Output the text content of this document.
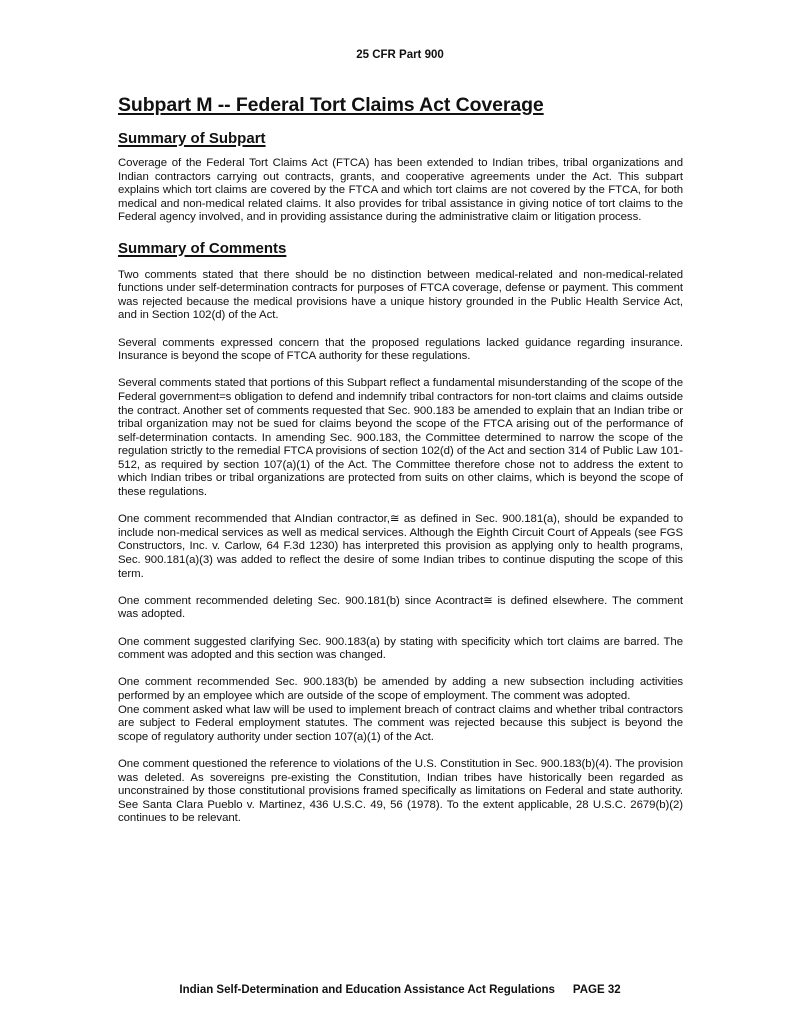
25 CFR Part 900
Subpart M -- Federal Tort Claims Act Coverage
Summary of Subpart

Coverage of the Federal Tort Claims Act (FTCA) has been extended to Indian tribes, tribal organizations and Indian contractors carrying out contracts, grants, and cooperative agreements under the Act. This subpart explains which tort claims are covered by the FTCA and which tort claims are not covered by the FTCA, for both medical and non-medical related claims. It also provides for tribal assistance in giving notice of tort claims to the Federal agency involved, and in providing assistance during the administrative claim or litigation process.

Summary of Comments

Two comments stated that there should be no distinction between medical-related and non-medical-related functions under self-determination contracts for purposes of FTCA coverage, defense or payment. This comment was rejected because the medical provisions have a unique history grounded in the Public Health Service Act, and in Section 102(d) of the Act.

Several comments expressed concern that the proposed regulations lacked guidance regarding insurance. Insurance is beyond the scope of FTCA authority for these regulations.

Several comments stated that portions of this Subpart reflect a fundamental misunderstanding of the scope of the Federal government=s obligation to defend and indemnify tribal contractors for non-tort claims and claims outside the contract. Another set of comments requested that Sec. 900.183 be amended to explain that an Indian tribe or tribal organization may not be sued for claims beyond the scope of the FTCA arising out of the performance of self-determination contacts. In amending Sec. 900.183, the Committee determined to narrow the scope of the regulation strictly to the remedial FTCA provisions of section 102(d) of the Act and section 314 of Public Law 101-512, as required by section 107(a)(1) of the Act. The Committee therefore chose not to address the extent to which Indian tribes or tribal organizations are protected from suits on other claims, which is beyond the scope of these regulations.

One comment recommended that AIndian contractor,≅ as defined in Sec. 900.181(a), should be expanded to include non-medical services as well as medical services. Although the Eighth Circuit Court of Appeals (see FGS Constructors, Inc. v. Carlow, 64 F.3d 1230) has interpreted this provision as applying only to health programs, Sec. 900.181(a)(3) was added to reflect the desire of some Indian tribes to continue disputing the scope of this term.

One comment recommended deleting Sec. 900.181(b) since Acontract≅ is defined elsewhere. The comment was adopted.

One comment suggested clarifying Sec. 900.183(a) by stating with specificity which tort claims are barred. The comment was adopted and this section was changed.

One comment recommended Sec. 900.183(b) be amended by adding a new subsection including activities performed by an employee which are outside of the scope of employment. The comment was adopted.

One comment asked what law will be used to implement breach of contract claims and whether tribal contractors are subject to Federal employment statutes. The comment was rejected because this subject is beyond the scope of regulatory authority under section 107(a)(1) of the Act.

One comment questioned the reference to violations of the U.S. Constitution in Sec. 900.183(b)(4). The provision was deleted. As sovereigns pre-existing the Constitution, Indian tribes have historically been regarded as unconstrained by those constitutional provisions framed specifically as limitations on Federal and state authority. See Santa Clara Pueblo v. Martinez, 436 U.S.C. 49, 56 (1978). To the extent applicable, 28 U.S.C. 2679(b)(2) continues to be relevant.

Indian Self-Determination and Education Assistance Act Regulations PAGE 32
